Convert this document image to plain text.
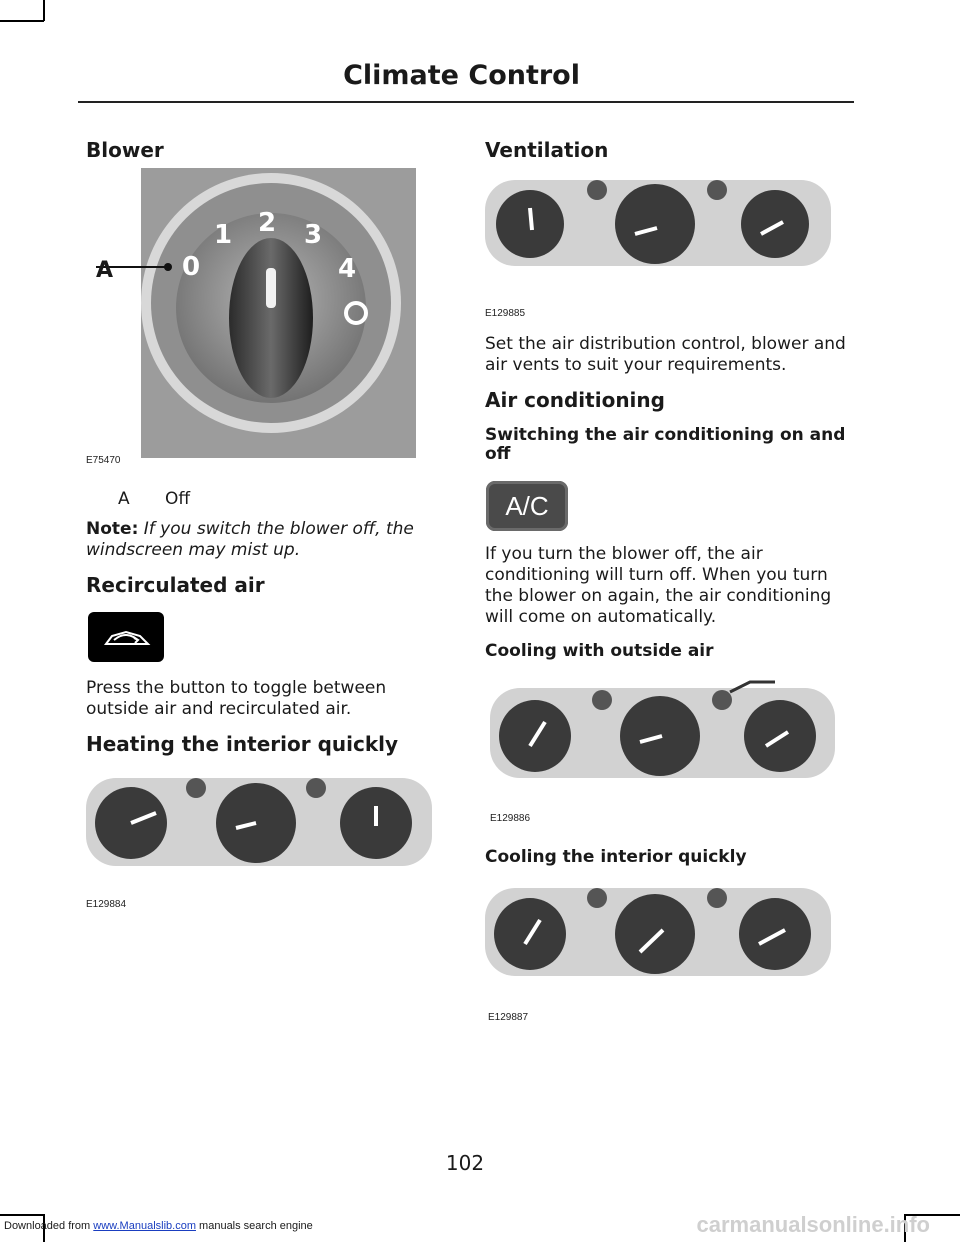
Climate Control
Blower
A	0
1 2 3
4
E75470
A Off
Note: If you switch the blower off, the windscreen may mist up.
Recirculated air
Press the button to toggle between outside air and recirculated air.
Heating the interior quickly
E129884
Ventilation
E129885
Set the air distribution control, blower and air vents to suit your requirements.
Air conditioning
Switching the air conditioning on and off
A/C
If you turn the blower off, the air conditioning will turn off. When you turn the blower on again, the air conditioning will come on automatically.
Cooling with outside air
E129886
Cooling the interior quickly
E129887
102
Downloaded from www.Manualslib.com manuals search engine	carmanualsonline.info
